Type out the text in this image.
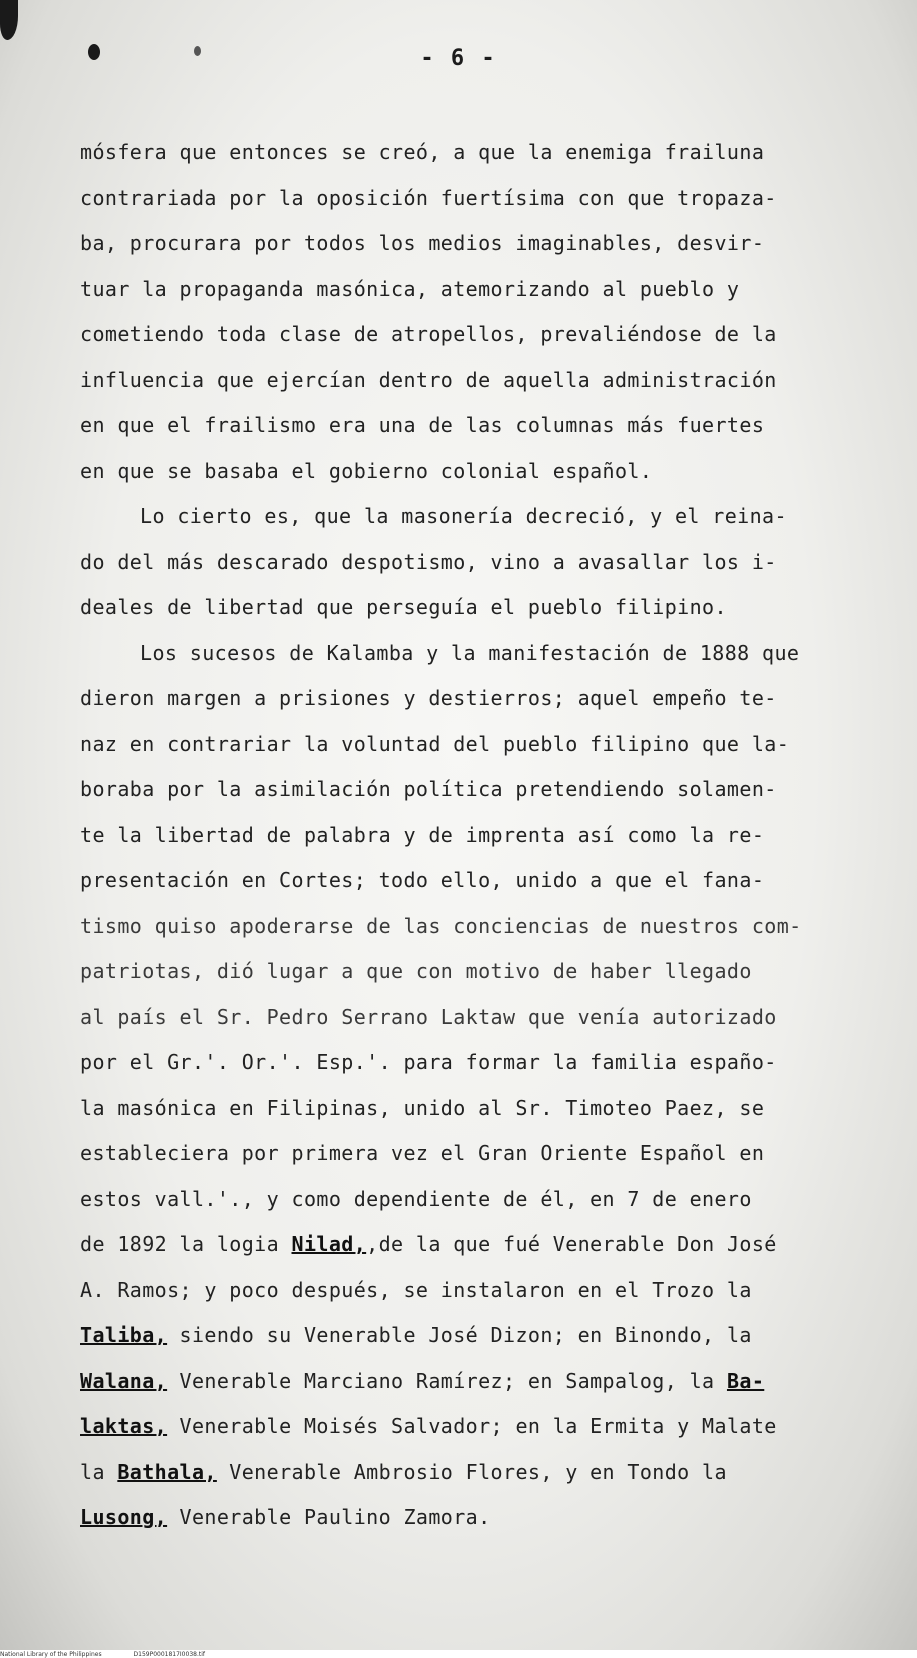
- 6 -
mósfera que entonces se creó, a que la enemiga frailuna
contrariada por la oposición fuertísima con que tropaza-
ba, procurara por todos los medios imaginables, desvir-
tuar la propaganda masónica, atemorizando al pueblo y
cometiendo toda clase de atropellos, prevaliéndose de la
influencia que ejercían dentro de aquella administración
en que el frailismo era una de las columnas más fuertes
en que se basaba el gobierno colonial español.
Lo cierto es, que la masonería decreció, y el reina-
do del más descarado despotismo, vino a avasallar los i-
deales de libertad que perseguía el pueblo filipino.
Los sucesos de Kalamba y la manifestación de 1888 que
dieron margen a prisiones y destierros; aquel empeño te-
naz en contrariar la voluntad del pueblo filipino que la-
boraba por la asimilación política pretendiendo solamen-
te la libertad de palabra y de imprenta así como la re-
presentación en Cortes; todo ello, unido a que el fana-
tismo quiso apoderarse de las conciencias de nuestros com-
patriotas, dió lugar a que con motivo de haber llegado
al país el Sr. Pedro Serrano Laktaw que venía autorizado
por el Gr.'. Or.'. Esp.'. para formar la familia españo-
la masónica en Filipinas, unido al Sr. Timoteo Paez, se
estableciera por primera vez el Gran Oriente Español en
estos vall.'., y como dependiente de él, en 7 de enero
de 1892 la logia Nilad,,de la que fué Venerable Don José
A. Ramos; y poco después, se instalaron en el Trozo la
Taliba, siendo su Venerable José Dizon; en Binondo, la
Walana, Venerable Marciano Ramírez; en Sampalog, la Ba-
laktas, Venerable Moisés Salvador; en la Ermita y Malate
la Bathala, Venerable Ambrosio Flores, y en Tondo la
Lusong, Venerable Paulino Zamora.
National Library of the Philippines	D159P0001817I0038.tif
